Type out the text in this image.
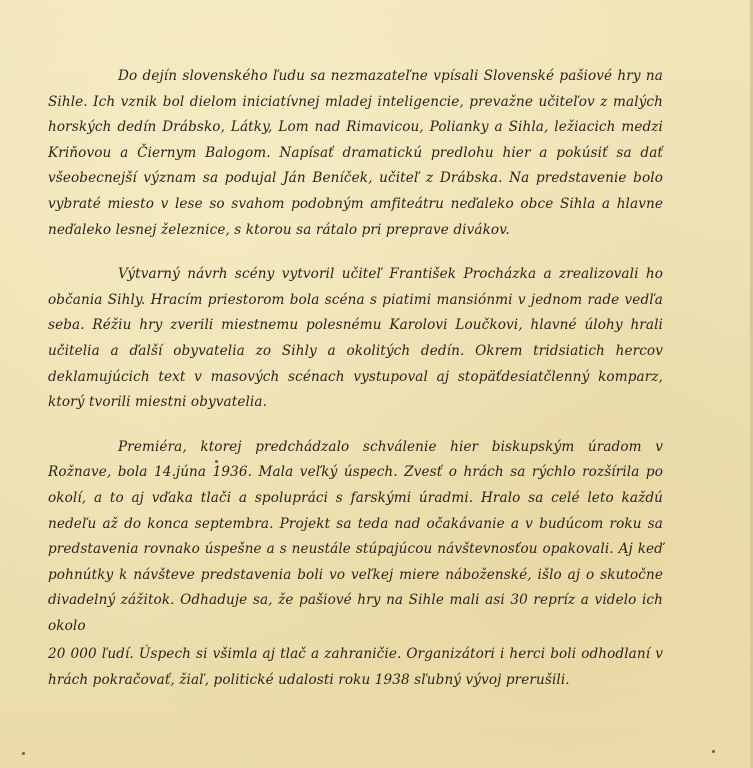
Do dejín slovenského ľudu sa nezmazateľne vpísali Slovenské pašiové hry na Sihle. Ich vznik bol dielom iniciatívnej mladej inteligencie, prevažne učiteľov z malých horských dedín Drábsko, Látky, Lom nad Rimavicou, Polianky a Sihla, ležiacich medzi Kriňovou a Čiernym Balogom. Napísať dramatickú predlohu hier a pokúsiť sa dať všeobecnejší význam sa podujal Ján Beníček, učiteľ z Drábska. Na predstavenie bolo vybraté miesto v lese so svahom podobným amfiteátru neďaleko obce Sihla a hlavne neďaleko lesnej železnice, s ktorou sa rátalo pri preprave divákov.

Výtvarný návrh scény vytvoril učiteľ František Procházka a zrealizovali ho občania Sihly. Hracím priestorom bola scéna s piatimi mansiónmi v jednom rade vedľa seba. Réžiu hry zverili miestnemu polesnému Karolovi Loučkovi, hlavné úlohy hrali učitelia a ďalší obyvatelia zo Sihly a okolitých dedín. Okrem tridsiatich hercov deklamujúcich text v masových scénach vystupoval aj stopäťdesiatčlenný komparz, ktorý tvorili miestni obyvatelia.

Premiéra, ktorej predchádzalo schválenie hier biskupským úradom v Rožnave, bola 14.júna 1936. Mala veľký úspech. Zvesť o hrách sa rýchlo rozšírila po okolí, a to aj vďaka tlači a spolupráci s farskými úradmi. Hralo sa celé leto každú nedeľu až do konca septembra. Projekt sa teda nad očakávanie a v budúcom roku sa predstavenia rovnako úspešne a s neustále stúpajúcou návštevnosťou opakovali. Aj keď pohnútky k návšteve predstavenia boli vo veľkej miere náboženské, išlo aj o skutočne divadelný zážitok. Odhaduje sa, že pašiové hry na Sihle mali asi 30 repríz a videlo ich okolo

20 000 ľudí. Úspech si všimla aj tlač a zahraničie. Organizátori i herci boli odhodlaní v hrách pokračovať, žiaľ, politické udalosti roku 1938 sľubný vývoj prerušili.
